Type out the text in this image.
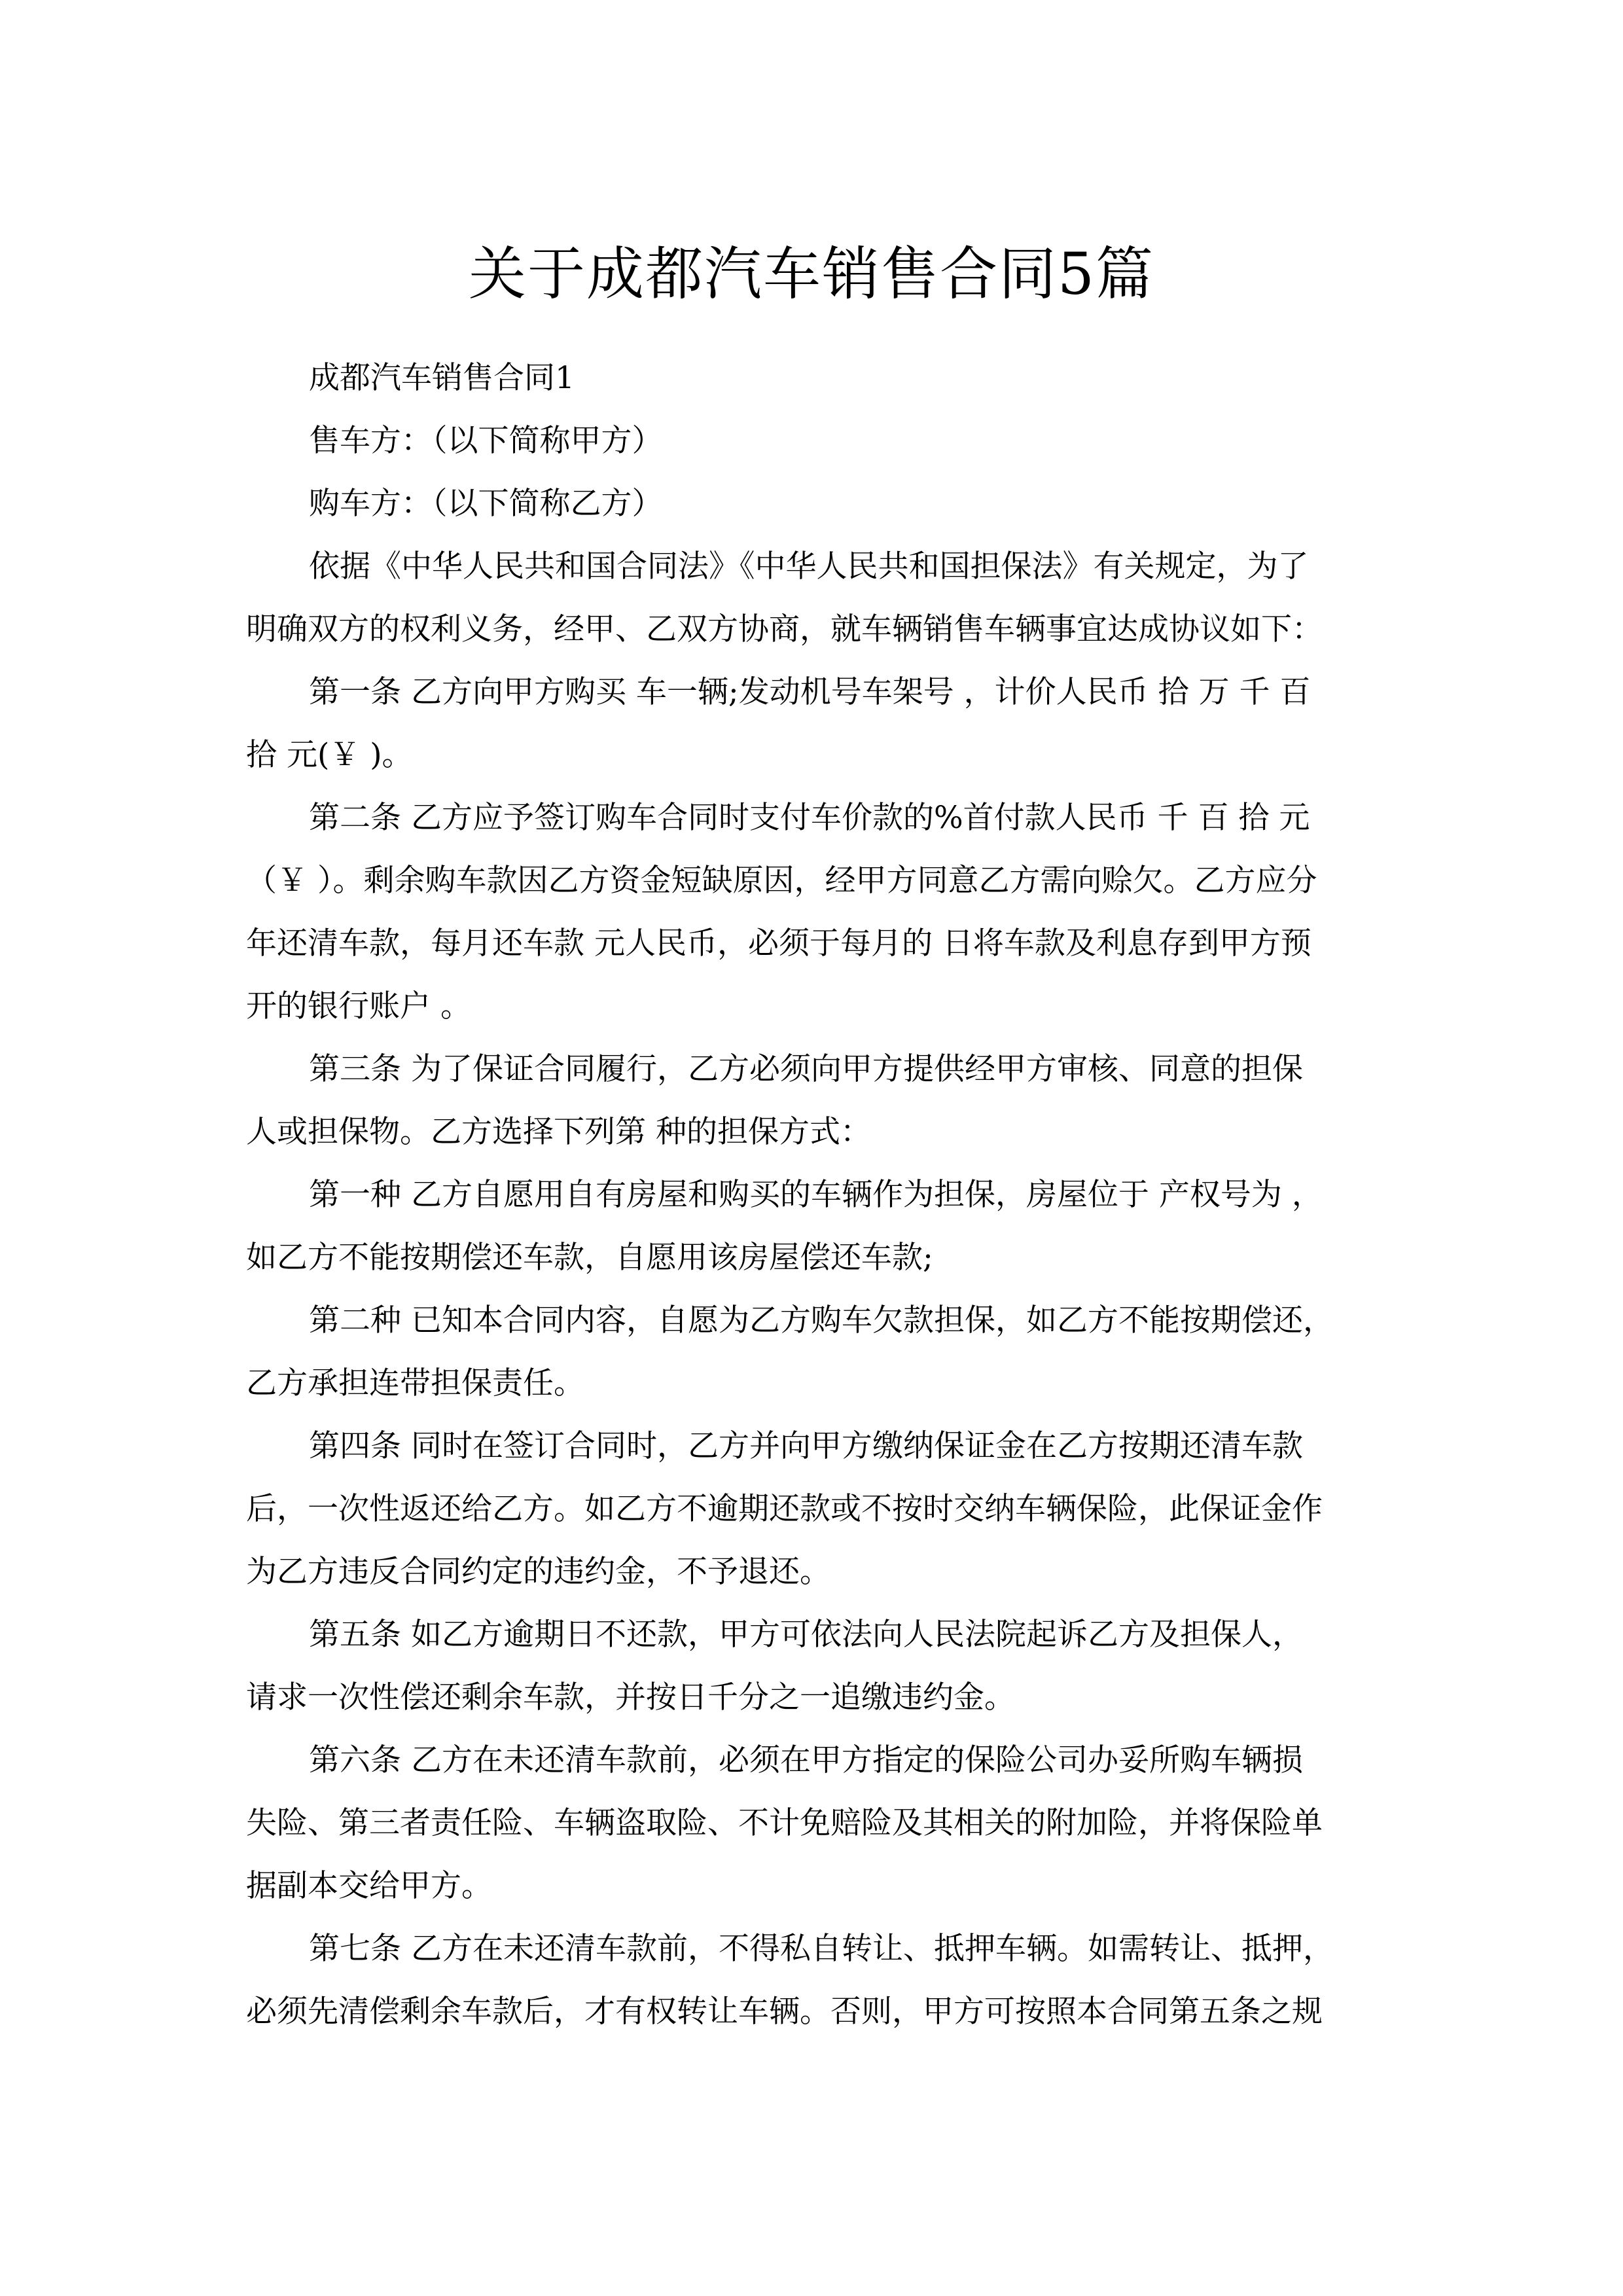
关于成都汽车销售合同5篇

成都汽车销售合同1

售车方：（以下简称甲方）

购车方：（以下简称乙方）

依据《中华人民共和国合同法》《中华人民共和国担保法》有关规定，为了
明确双方的权利义务，经甲、乙双方协商，就车辆销售车辆事宜达成协议如下：

第一条 乙方向甲方购买 车一辆;发动机号车架号 ，计价人民币 拾 万 千 百
拾 元(￥ )。

第二条 乙方应予签订购车合同时支付车价款的%首付款人民币 千 百 拾 元
（￥ ）。剩余购车款因乙方资金短缺原因，经甲方同意乙方需向赊欠。乙方应分
年还清车款，每月还车款 元人民币，必须于每月的 日将车款及利息存到甲方预
开的银行账户 。

第三条 为了保证合同履行，乙方必须向甲方提供经甲方审核、同意的担保
人或担保物。乙方选择下列第 种的担保方式：

第一种 乙方自愿用自有房屋和购买的车辆作为担保，房屋位于 产权号为 ，
如乙方不能按期偿还车款，自愿用该房屋偿还车款;

第二种 已知本合同内容，自愿为乙方购车欠款担保，如乙方不能按期偿还，
乙方承担连带担保责任。

第四条 同时在签订合同时，乙方并向甲方缴纳保证金在乙方按期还清车款
后，一次性返还给乙方。如乙方不逾期还款或不按时交纳车辆保险，此保证金作
为乙方违反合同约定的违约金，不予退还。

第五条 如乙方逾期日不还款，甲方可依法向人民法院起诉乙方及担保人，
请求一次性偿还剩余车款，并按日千分之一追缴违约金。

第六条 乙方在未还清车款前，必须在甲方指定的保险公司办妥所购车辆损
失险、第三者责任险、车辆盗取险、不计免赔险及其相关的附加险，并将保险单
据副本交给甲方。

第七条 乙方在未还清车款前，不得私自转让、抵押车辆。如需转让、抵押，
必须先清偿剩余车款后，才有权转让车辆。否则，甲方可按照本合同第五条之规
